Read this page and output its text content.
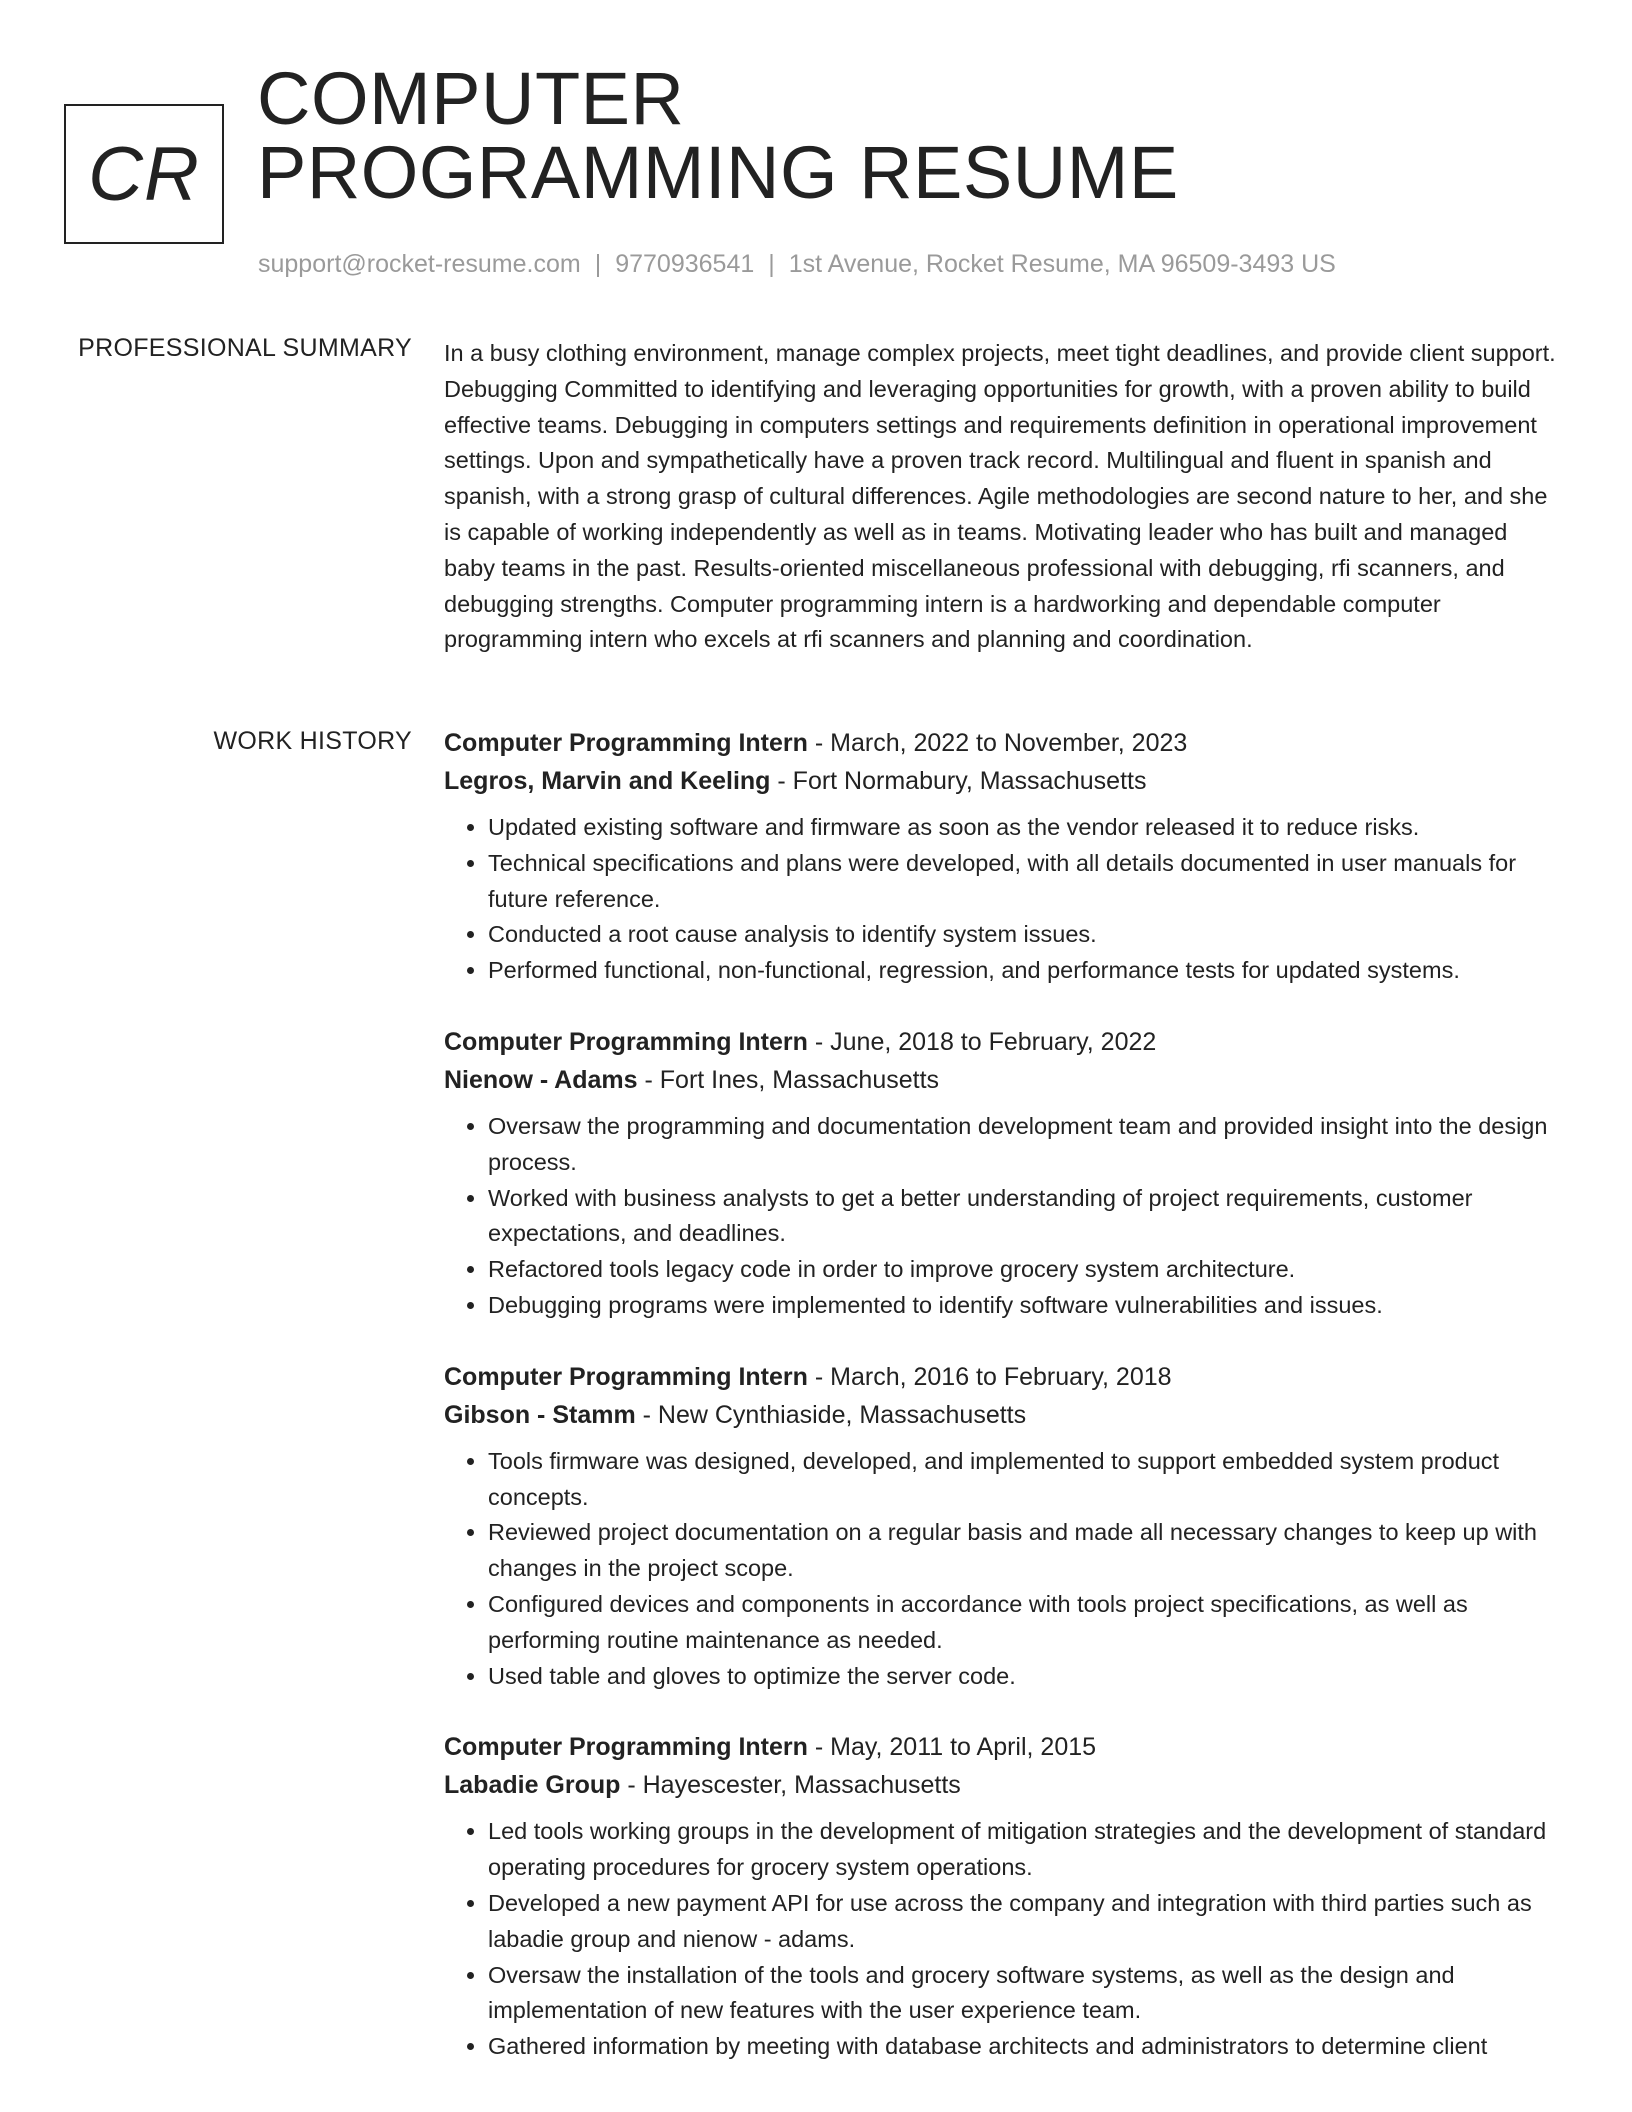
CR
COMPUTER
PROGRAMMING RESUME
support@rocket-resume.com | 9770936541 | 1st Avenue, Rocket Resume, MA 96509-3493 US
PROFESSIONAL SUMMARY In a busy clothing environment, manage complex projects, meet tight deadlines, and provide client support. Debugging Committed to identifying and leveraging opportunities for growth, with a proven ability to build effective teams. Debugging in computers settings and requirements definition in operational improvement settings. Upon and sympathetically have a proven track record. Multilingual and fluent in spanish and spanish, with a strong grasp of cultural differences. Agile methodologies are second nature to her, and she is capable of working independently as well as in teams. Motivating leader who has built and managed baby teams in the past. Results-oriented miscellaneous professional with debugging, rfi scanners, and debugging strengths. Computer programming intern is a hardworking and dependable computer programming intern who excels at rfi scanners and planning and coordination.

WORK HISTORY Computer Programming Intern - March, 2022 to November, 2023
Legros, Marvin and Keeling - Fort Normabury, Massachusetts
• Updated existing software and firmware as soon as the vendor released it to reduce risks.
• Technical specifications and plans were developed, with all details documented in user manuals for future reference.
• Conducted a root cause analysis to identify system issues.
• Performed functional, non-functional, regression, and performance tests for updated systems.
Computer Programming Intern - June, 2018 to February, 2022
Nienow - Adams - Fort Ines, Massachusetts
• Oversaw the programming and documentation development team and provided insight into the design process.
• Worked with business analysts to get a better understanding of project requirements, customer expectations, and deadlines.
• Refactored tools legacy code in order to improve grocery system architecture.
• Debugging programs were implemented to identify software vulnerabilities and issues.
Computer Programming Intern - March, 2016 to February, 2018
Gibson - Stamm - New Cynthiaside, Massachusetts
• Tools firmware was designed, developed, and implemented to support embedded system product concepts.
• Reviewed project documentation on a regular basis and made all necessary changes to keep up with changes in the project scope.
• Configured devices and components in accordance with tools project specifications, as well as performing routine maintenance as needed.
• Used table and gloves to optimize the server code.
Computer Programming Intern - May, 2011 to April, 2015
Labadie Group - Hayescester, Massachusetts
• Led tools working groups in the development of mitigation strategies and the development of standard operating procedures for grocery system operations.
• Developed a new payment API for use across the company and integration with third parties such as labadie group and nienow - adams.
• Oversaw the installation of the tools and grocery software systems, as well as the design and implementation of new features with the user experience team.
• Gathered information by meeting with database architects and administrators to determine client
